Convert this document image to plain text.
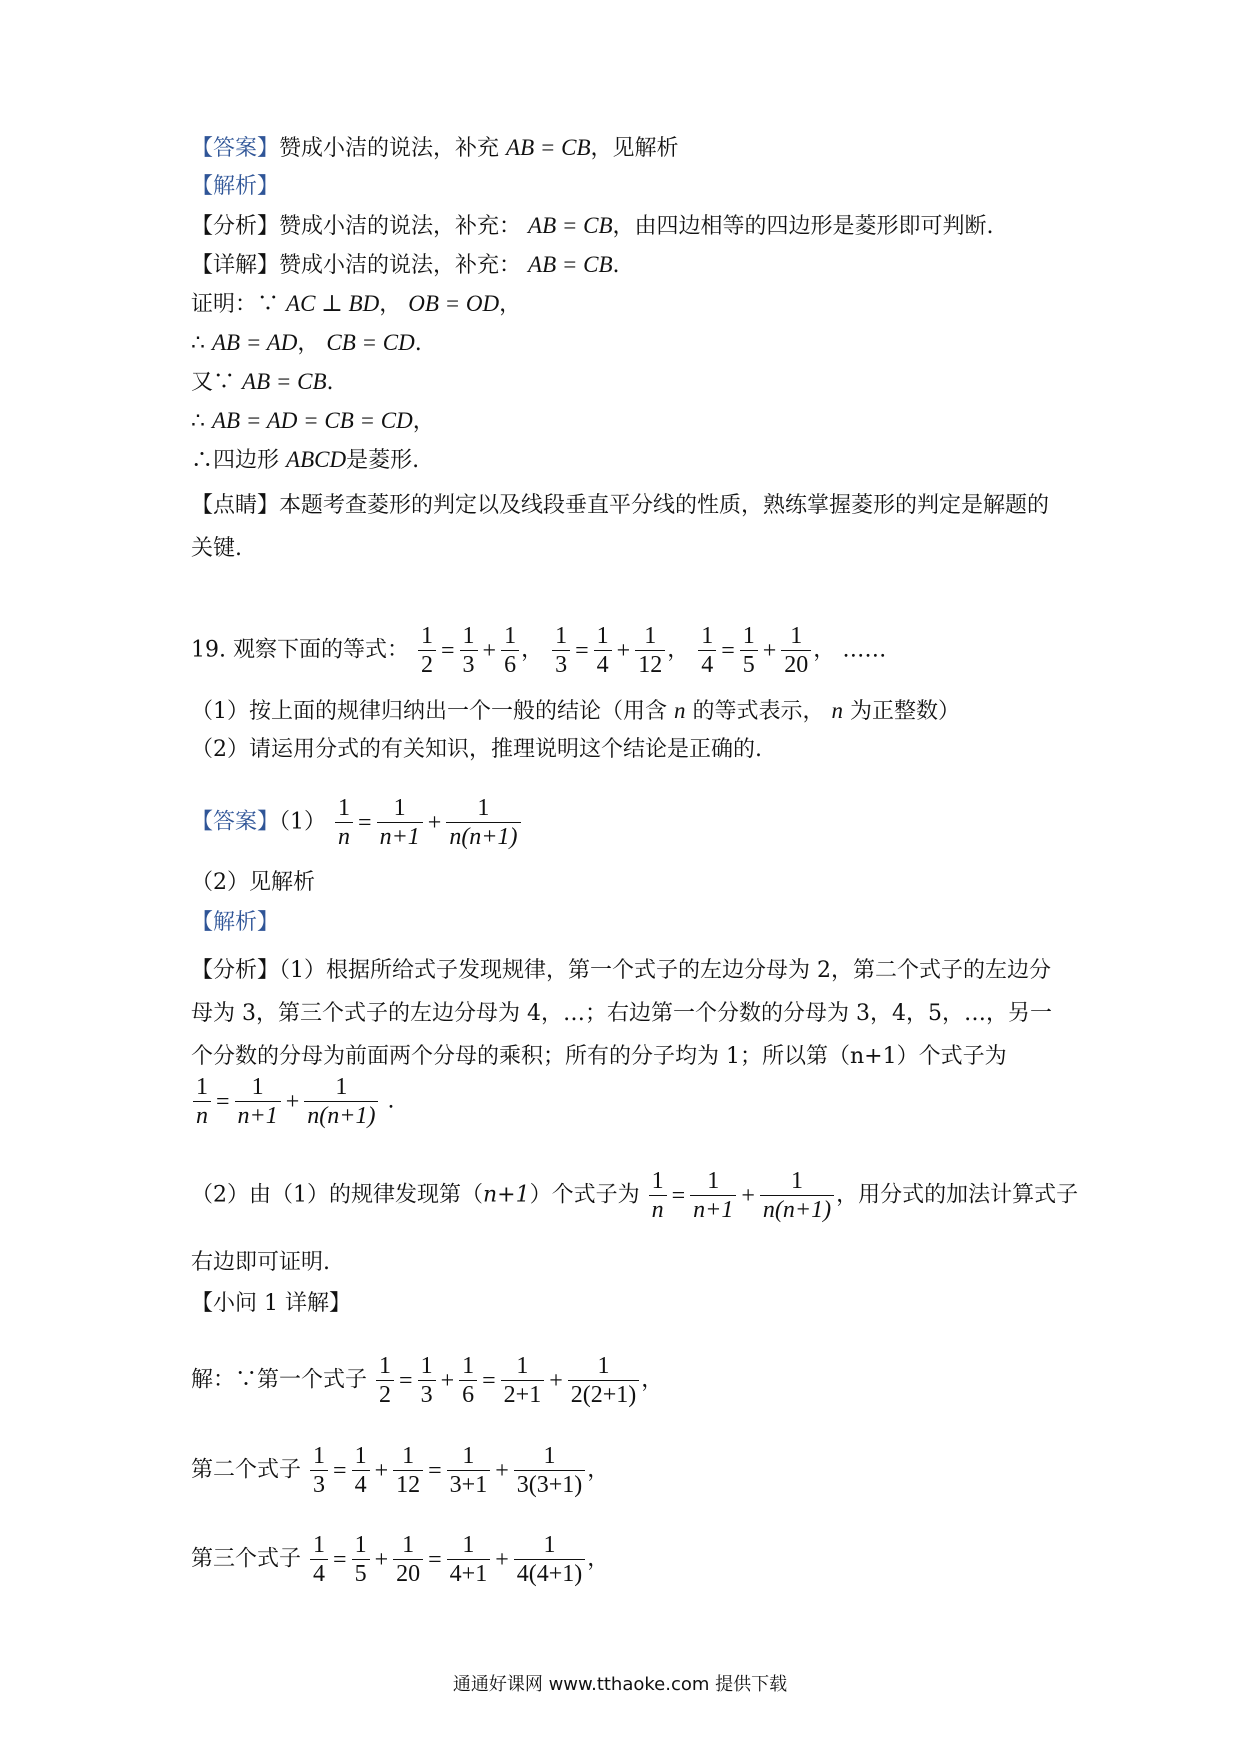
【答案】赞成小洁的说法，补充 AB = CB，见解析
【解析】
【分析】赞成小洁的说法，补充： AB = CB，由四边相等的四边形是菱形即可判断.
【详解】赞成小洁的说法，补充： AB = CB.
证明：∵ AC ⊥ BD， OB = OD，
∴ AB = AD， CB = CD.
又∵ AB = CB.
∴ AB = AD = CB = CD，
∴四边形 ABCD是菱形.
【点睛】本题考查菱形的判定以及线段垂直平分线的性质，熟练掌握菱形的判定是解题的关键.
19. 观察下面的等式： $\frac{1}{2} = \frac{1}{3} + \frac{1}{6}$ ， $\frac{1}{3} = \frac{1}{4} + \frac{1}{12}$ ， $\frac{1}{4} = \frac{1}{5} + \frac{1}{20}$ ， ……
（1）按上面的规律归纳出一个一般的结论（用含 n 的等式表示， n 为正整数）
（2）请运用分式的有关知识，推理说明这个结论是正确的.
【答案】$(1) \frac{1}{n} = \frac{1}{n+1} + \frac{1}{n(n+1)}$
（2）见解析
【解析】
【分析】（1）根据所给式子发现规律，第一个式子的左边分母为 2，第二个式子的左边分母为 3，第三个式子的左边分母为 4，…；右边第一个分数的分母为 3，4，5，…，另一个分数的分母为前面两个分母的乘积；所有的分子均为 1；所以第（n+1）个式子为
$\frac{1}{n} = \frac{1}{n+1} + \frac{1}{n(n+1)}$ .
（2）由（1）的规律发现第（n+1）个式子为 $\frac{1}{n} = \frac{1}{n+1} + \frac{1}{n(n+1)}$ ，用分式的加法计算式子
右边即可证明.
【小问 1 详解】
解：∵第一个式子 $\frac{1}{2} = \frac{1}{3} + \frac{1}{6} = \frac{1}{2+1} + \frac{1}{2(2+1)}$ ，
第二个式子 $\frac{1}{3} = \frac{1}{4} + \frac{1}{12} = \frac{1}{3+1} + \frac{1}{3(3+1)}$ ，
第三个式子 $\frac{1}{4} = \frac{1}{5} + \frac{1}{20} = \frac{1}{4+1} + \frac{1}{4(4+1)}$ ，
通通好课网 www.tthaoke.com 提供下载
